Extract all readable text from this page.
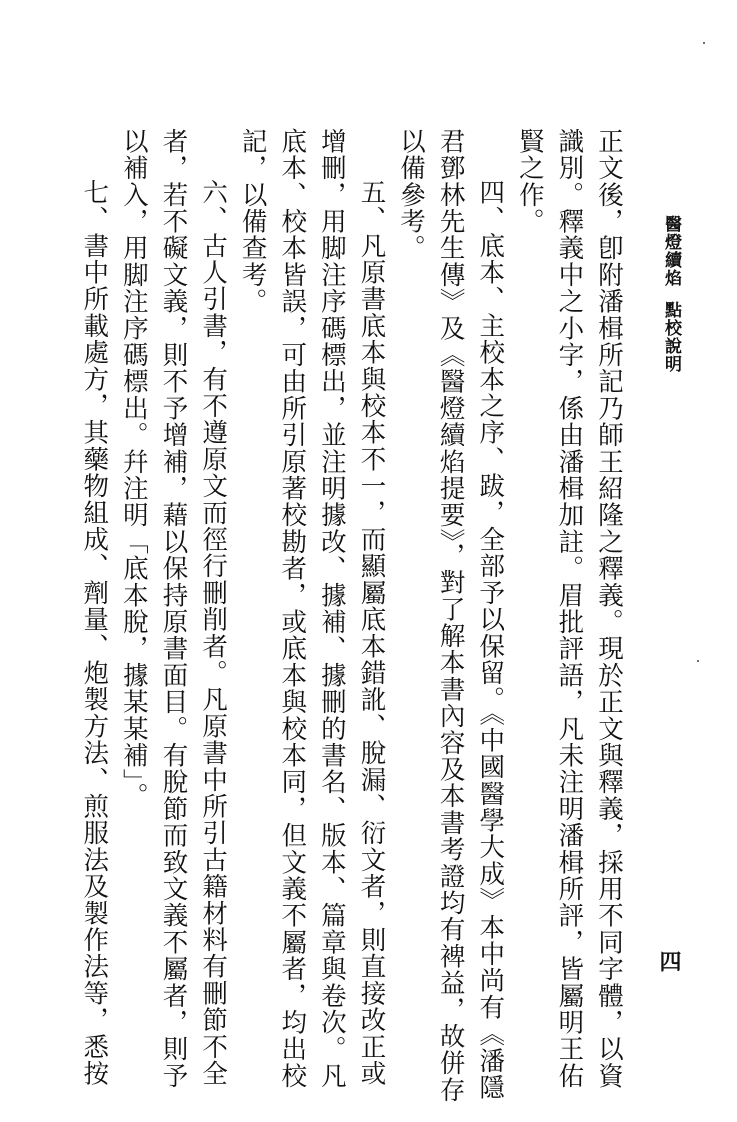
醫燈續焰點校說明
四

正文後，卽附潘楫所記乃師王紹隆之釋義。現於正文與釋義，採用不同字體，以資

識別。釋義中之小字，係由潘楫加註。眉批評語，凡未注明潘楫所評，皆屬明王佑

賢之作。

四、底本、主校本之序、跋，全部予以保留。《中國醫學大成》本中尚有《潘隱

君鄧林先生傳》及《醫燈續焰提要》，對了解本書內容及本書考證均有裨益，故併存

以備參考。

五、凡原書底本與校本不一，而顯屬底本錯訛、脫漏、衍文者，則直接改正或

增刪，用脚注序碼標出，並注明據改、據補、據刪的書名、版本、篇章與卷次。凡

底本、校本皆誤，可由所引原著校勘者，或底本與校本同，但文義不屬者，均出校

記，以備查考。

六、古人引書，有不遵原文而徑行刪削者。凡原書中所引古籍材料有刪節不全

者，若不礙文義，則不予增補，藉以保持原書面目。有脫節而致文義不屬者，則予

以補入，用脚注序碼標出。幷注明「底本脫，據某某補」。

七、書中所載處方，其藥物組成、劑量、炮製方法、煎服法及製作法等，悉按
